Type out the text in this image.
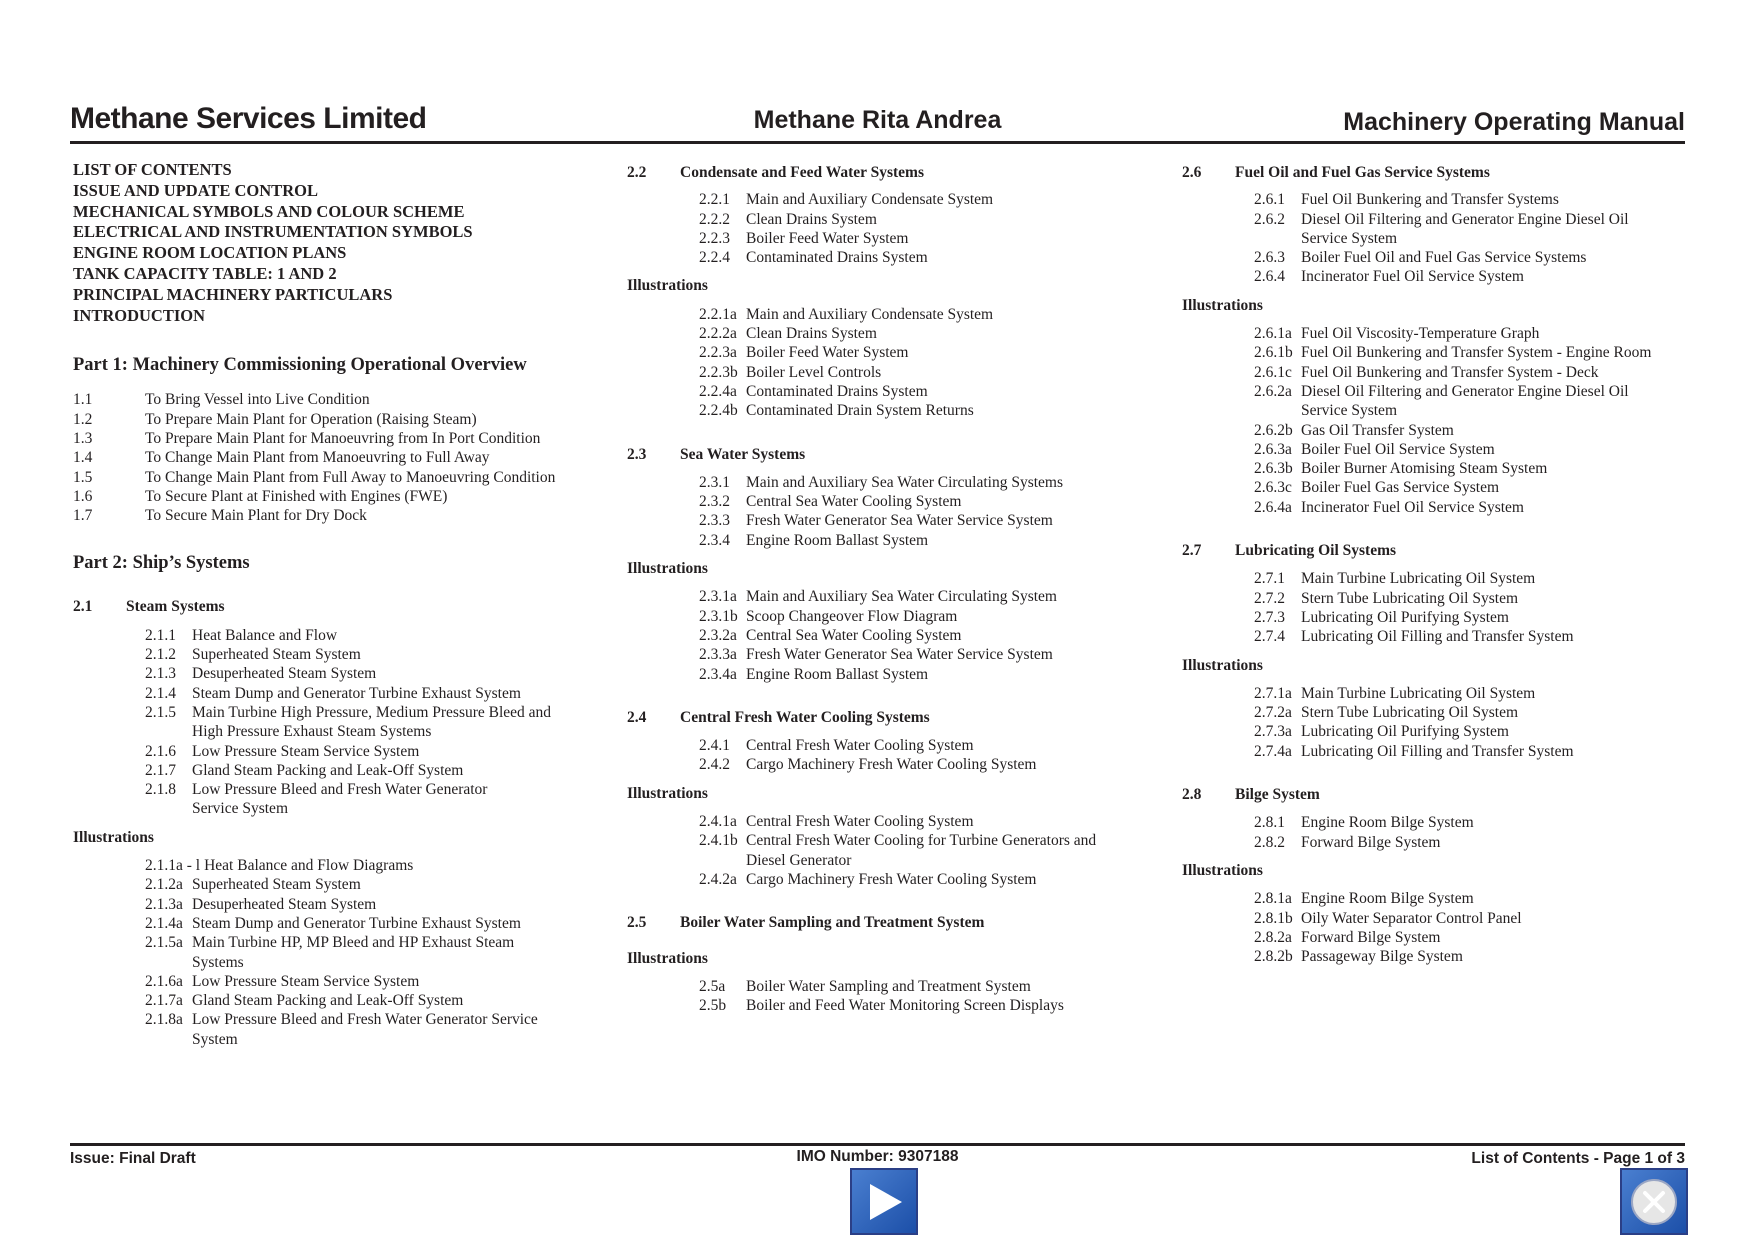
Methane Services Limited	Methane Rita Andrea	Machinery Operating Manual
LIST OF CONTENTS
ISSUE AND UPDATE CONTROL
MECHANICAL SYMBOLS AND COLOUR SCHEME
ELECTRICAL AND INSTRUMENTATION SYMBOLS
ENGINE ROOM LOCATION PLANS
TANK CAPACITY TABLE: 1 AND 2
PRINCIPAL MACHINERY PARTICULARS
INTRODUCTION
Part 1: Machinery Commissioning Operational Overview
1.1	To Bring Vessel into Live Condition
1.2	To Prepare Main Plant for Operation (Raising Steam)
1.3	To Prepare Main Plant for Manoeuvring from In Port Condition
1.4	To Change Main Plant from Manoeuvring to Full Away
1.5	To Change Main Plant from Full Away to Manoeuvring Condition
1.6	To Secure Plant at Finished with Engines (FWE)
1.7	To Secure Main Plant for Dry Dock
Part 2: Ship’s Systems
2.1	Steam Systems
2.1.1	Heat Balance and Flow
2.1.2	Superheated Steam System
2.1.3	Desuperheated Steam System
2.1.4	Steam Dump and Generator Turbine Exhaust System
2.1.5	Main Turbine High Pressure, Medium Pressure Bleed and High Pressure Exhaust Steam Systems
2.1.6	Low Pressure Steam Service System
2.1.7	Gland Steam Packing and Leak-Off System
2.1.8	Low Pressure Bleed and Fresh Water Generator Service System
Illustrations
2.1.1a - l Heat Balance and Flow Diagrams
2.1.2a Superheated Steam System
2.1.3a Desuperheated Steam System
2.1.4a Steam Dump and Generator Turbine Exhaust System
2.1.5a Main Turbine HP, MP Bleed and HP Exhaust Steam Systems
2.1.6a Low Pressure Steam Service System
2.1.7a Gland Steam Packing and Leak-Off System
2.1.8a Low Pressure Bleed and Fresh Water Generator Service System
2.2	Condensate and Feed Water Systems
2.2.1	Main and Auxiliary Condensate System
2.2.2	Clean Drains System
2.2.3	Boiler Feed Water System
2.2.4	Contaminated Drains System
Illustrations
2.2.1a Main and Auxiliary Condensate System
2.2.2a Clean Drains System
2.2.3a Boiler Feed Water System
2.2.3b Boiler Level Controls
2.2.4a Contaminated Drains System
2.2.4b Contaminated Drain System Returns
2.3	Sea Water Systems
2.3.1	Main and Auxiliary Sea Water Circulating Systems
2.3.2	Central Sea Water Cooling System
2.3.3	Fresh Water Generator Sea Water Service System
2.3.4	Engine Room Ballast System
Illustrations
2.3.1a Main and Auxiliary Sea Water Circulating System
2.3.1b Scoop Changeover Flow Diagram
2.3.2a Central Sea Water Cooling System
2.3.3a Fresh Water Generator Sea Water Service System
2.3.4a Engine Room Ballast System
2.4	Central Fresh Water Cooling Systems
2.4.1	Central Fresh Water Cooling System
2.4.2	Cargo Machinery Fresh Water Cooling System
Illustrations
2.4.1a Central Fresh Water Cooling System
2.4.1b Central Fresh Water Cooling for Turbine Generators and Diesel Generator
2.4.2a Cargo Machinery Fresh Water Cooling System
2.5	Boiler Water Sampling and Treatment System
Illustrations
2.5a	Boiler Water Sampling and Treatment System
2.5b	Boiler and Feed Water Monitoring Screen Displays
2.6	Fuel Oil and Fuel Gas Service Systems
2.6.1	Fuel Oil Bunkering and Transfer Systems
2.6.2	Diesel Oil Filtering and Generator Engine Diesel Oil Service System
2.6.3	Boiler Fuel Oil and Fuel Gas Service Systems
2.6.4	Incinerator Fuel Oil Service System
Illustrations
2.6.1a Fuel Oil Viscosity-Temperature Graph
2.6.1b Fuel Oil Bunkering and Transfer System - Engine Room
2.6.1c Fuel Oil Bunkering and Transfer System - Deck
2.6.2a Diesel Oil Filtering and Generator Engine Diesel Oil Service System
2.6.2b Gas Oil Transfer System
2.6.3a Boiler Fuel Oil Service System
2.6.3b Boiler Burner Atomising Steam System
2.6.3c Boiler Fuel Gas Service System
2.6.4a Incinerator Fuel Oil Service System
2.7	Lubricating Oil Systems
2.7.1	Main Turbine Lubricating Oil System
2.7.2	Stern Tube Lubricating Oil System
2.7.3	Lubricating Oil Purifying System
2.7.4	Lubricating Oil Filling and Transfer System
Illustrations
2.7.1a Main Turbine Lubricating Oil System
2.7.2a Stern Tube Lubricating Oil System
2.7.3a Lubricating Oil Purifying System
2.7.4a Lubricating Oil Filling and Transfer System
2.8	Bilge System
2.8.1	Engine Room Bilge System
2.8.2	Forward Bilge System
Illustrations
2.8.1a Engine Room Bilge System
2.8.1b Oily Water Separator Control Panel
2.8.2a Forward Bilge System
2.8.2b Passageway Bilge System
Issue: Final Draft	IMO Number: 9307188	List of Contents - Page 1 of 3
